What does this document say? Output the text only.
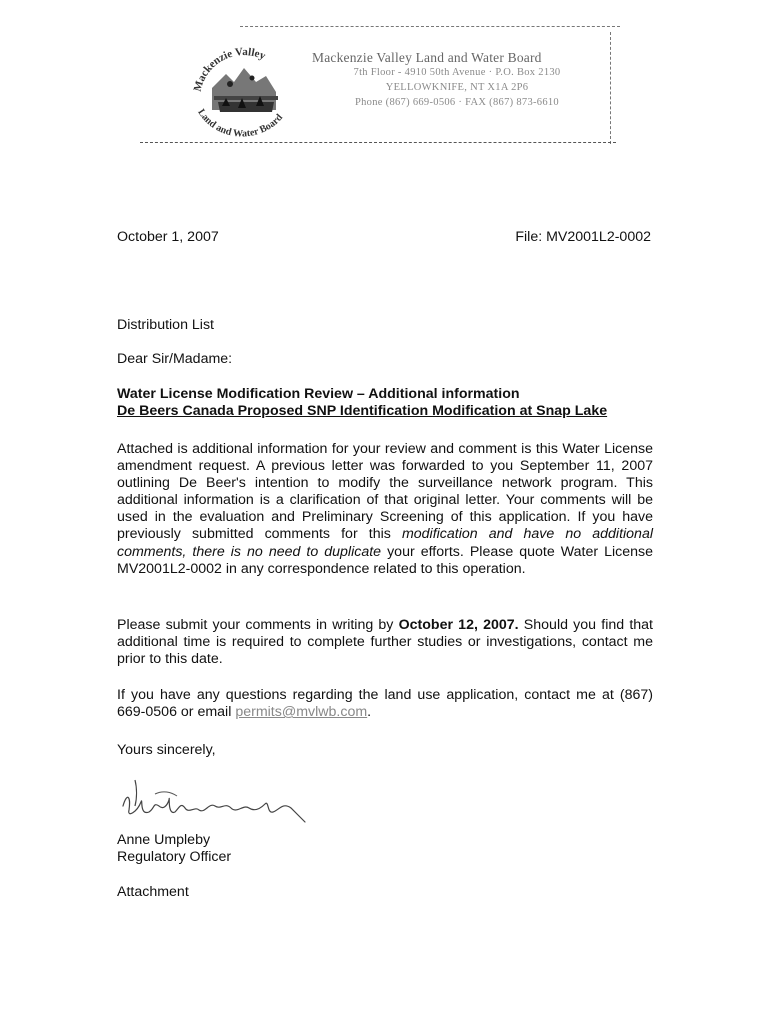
Mackenzie Valley
Land and Water Board
Mackenzie Valley Land and Water Board
7th Floor - 4910 50th Avenue · P.O. Box 2130
YELLOWKNIFE, NT X1A 2P6
Phone (867) 669-0506 · FAX (867) 873-6610
October 1, 2007	File: MV2001L2-0002
Distribution List
Dear Sir/Madame:
Water License Modification Review – Additional information
De Beers Canada Proposed SNP Identification Modification at Snap Lake
Attached is additional information for your review and comment is this Water License amendment request. A previous letter was forwarded to you September 11, 2007 outlining De Beer's intention to modify the surveillance network program. This additional information is a clarification of that original letter. Your comments will be used in the evaluation and Preliminary Screening of this application. If you have previously submitted comments for this modification and have no additional comments, there is no need to duplicate your efforts. Please quote Water License MV2001L2-0002 in any correspondence related to this operation.
Please submit your comments in writing by October 12, 2007. Should you find that additional time is required to complete further studies or investigations, contact me prior to this date.
If you have any questions regarding the land use application, contact me at (867) 669-0506 or email permits@mvlwb.com.
Yours sincerely,
Anne Umpleby
Regulatory Officer
Attachment
